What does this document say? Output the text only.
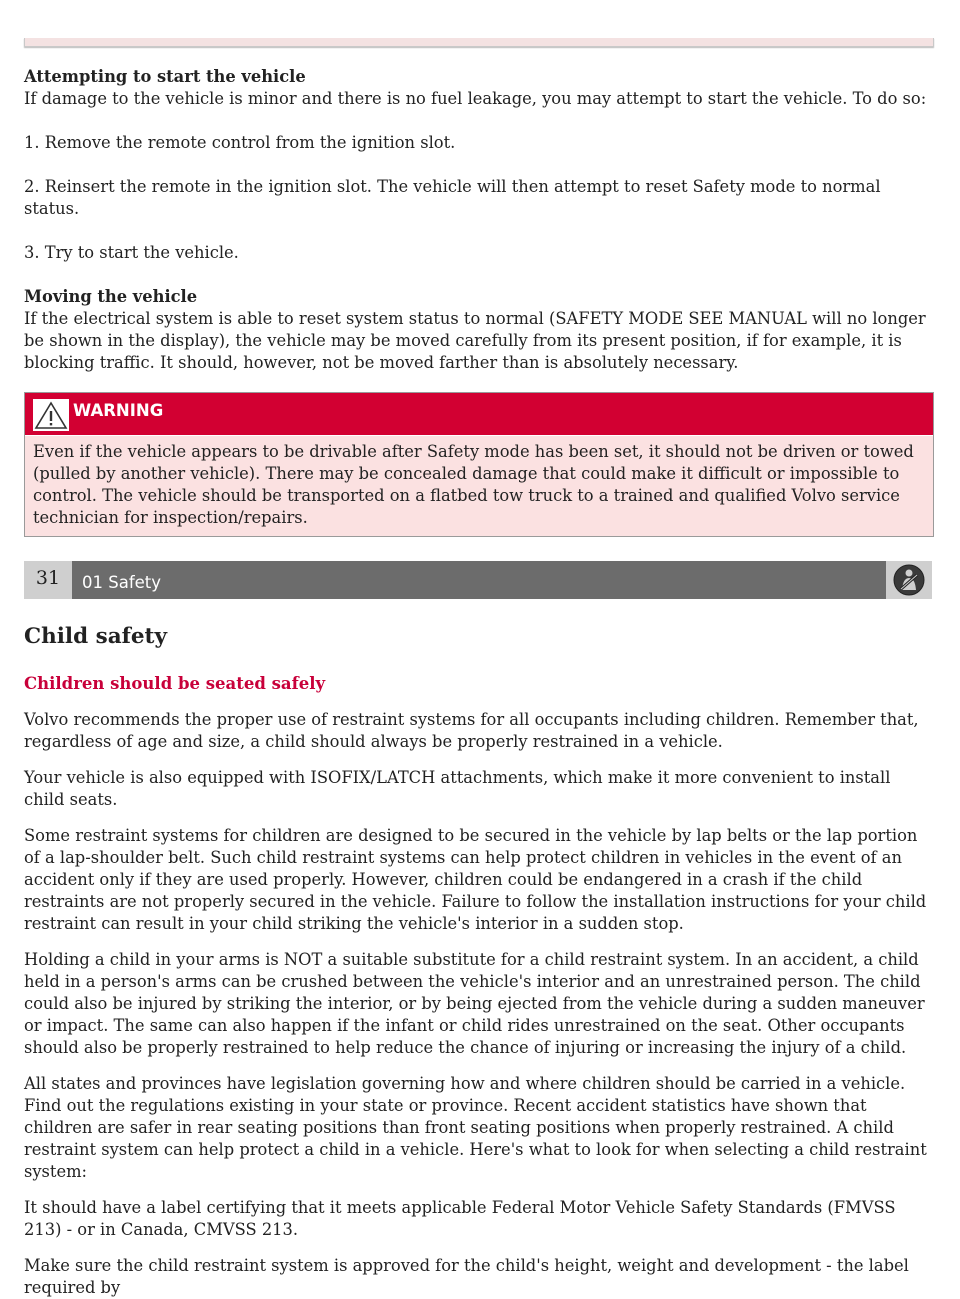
Attempting to start the vehicle

If damage to the vehicle is minor and there is no fuel leakage, you may attempt to start the vehicle. To do so:

1. Remove the remote control from the ignition slot.

2. Reinsert the remote in the ignition slot. The vehicle will then attempt to reset Safety mode to normal status.

3. Try to start the vehicle.

Moving the vehicle

If the electrical system is able to reset system status to normal (SAFETY MODE SEE MANUAL will no longer be shown in the display), the vehicle may be moved carefully from its present position, if for example, it is blocking traffic. It should, however, not be moved farther than is absolutely necessary.

WARNING
Even if the vehicle appears to be drivable after Safety mode has been set, it should not be driven or towed (pulled by another vehicle). There may be concealed damage that could make it difficult or impossible to control. The vehicle should be transported on a flatbed tow truck to a trained and qualified Volvo service technician for inspection/repairs.
31	01 Safety
Child safety

Children should be seated safely

Volvo recommends the proper use of restraint systems for all occupants including children. Remember that, regardless of age and size, a child should always be properly restrained in a vehicle.

Your vehicle is also equipped with ISOFIX/LATCH attachments, which make it more convenient to install child seats.

Some restraint systems for children are designed to be secured in the vehicle by lap belts or the lap portion of a lap-shoulder belt. Such child restraint systems can help protect children in vehicles in the event of an accident only if they are used properly. However, children could be endangered in a crash if the child restraints are not properly secured in the vehicle. Failure to follow the installation instructions for your child restraint can result in your child striking the vehicle's interior in a sudden stop.

Holding a child in your arms is NOT a suitable substitute for a child restraint system. In an accident, a child held in a person's arms can be crushed between the vehicle's interior and an unrestrained person. The child could also be injured by striking the interior, or by being ejected from the vehicle during a sudden maneuver or impact. The same can also happen if the infant or child rides unrestrained on the seat. Other occupants should also be properly restrained to help reduce the chance of injuring or increasing the injury of a child.

All states and provinces have legislation governing how and where children should be carried in a vehicle. Find out the regulations existing in your state or province. Recent accident statistics have shown that children are safer in rear seating positions than front seating positions when properly restrained. A child restraint system can help protect a child in a vehicle. Here's what to look for when selecting a child restraint system:

It should have a label certifying that it meets applicable Federal Motor Vehicle Safety Standards (FMVSS 213) - or in Canada, CMVSS 213.

Make sure the child restraint system is approved for the child's height, weight and development - the label required by
